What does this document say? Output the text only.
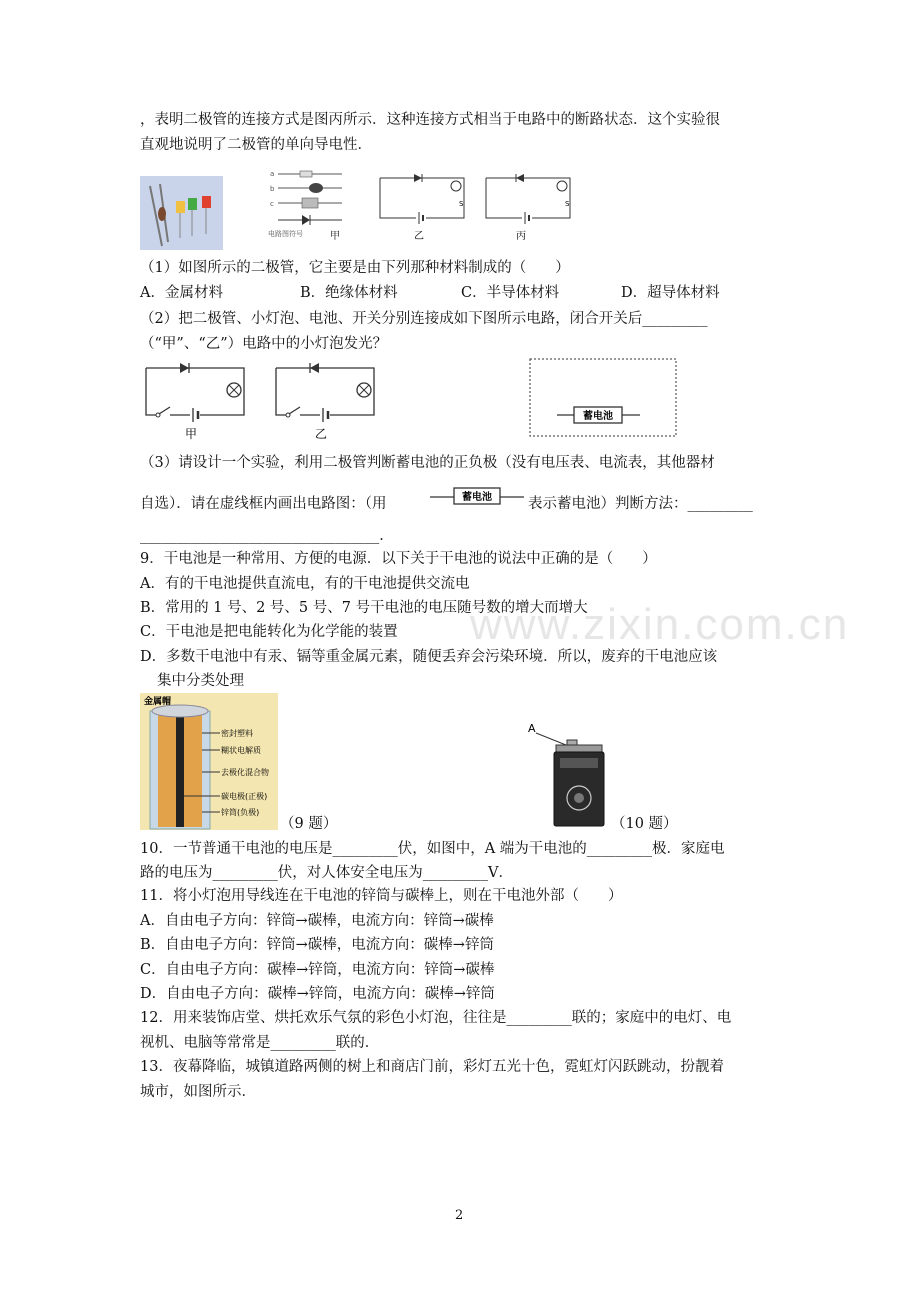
www.zixin.com.cn
，表明二极管的连接方式是图丙所示．这种连接方式相当于电路中的断路状态．这个实验很
直观地说明了二极管的单向导电性．
a
b
c
电路图符号	甲
S
乙
S
丙
（1）如图所示的二极管，它主要是由下列那种材料制成的（　　）
A．金属材料	B．绝缘体材料	C．半导体材料	D．超导体材料
（2）把二极管、小灯泡、电池、开关分别连接成如下图所示电路，闭合开关后_________
（“甲”、“乙”）电路中的小灯泡发光？
甲	乙
蓄电池
（3）请设计一个实验，利用二极管判断蓄电池的正负极（没有电压表、电流表，其他器材
自选）．请在虚线框内画出电路图：（用	蓄电池 表示蓄电池）判断方法：_________
_________________________________．
9．干电池是一种常用、方便的电源．以下关于干电池的说法中正确的是（　　）
A．有的干电池提供直流电，有的干电池提供交流电
B．常用的 1 号、2 号、5 号、7 号干电池的电压随号数的增大而增大
C．干电池是把电能转化为化学能的装置
D．多数干电池中有汞、镉等重金属元素，随便丢弃会污染环境．所以，废弃的干电池应该
集中分类处理
金属帽
密封塑料
糊状电解质
去极化混合物
碳电极(正极)
锌筒(负极)
（9 题）
A
（10 题）
10．一节普通干电池的电压是_________伏，如图中，A 端为干电池的_________极．家庭电
路的电压为_________伏，对人体安全电压为_________V．
11．将小灯泡用导线连在干电池的锌筒与碳棒上，则在干电池外部（　　）
A．自由电子方向：锌筒→碳棒，电流方向：锌筒→碳棒
B．自由电子方向：锌筒→碳棒，电流方向：碳棒→锌筒
C．自由电子方向：碳棒→锌筒，电流方向：锌筒→碳棒
D．自由电子方向：碳棒→锌筒，电流方向：碳棒→锌筒
12．用来装饰店堂、烘托欢乐气氛的彩色小灯泡，往往是_________联的；家庭中的电灯、电
视机、电脑等常常是_________联的．
13．夜幕降临，城镇道路两侧的树上和商店门前，彩灯五光十色，霓虹灯闪跃跳动，扮靓着
城市，如图所示．
2
